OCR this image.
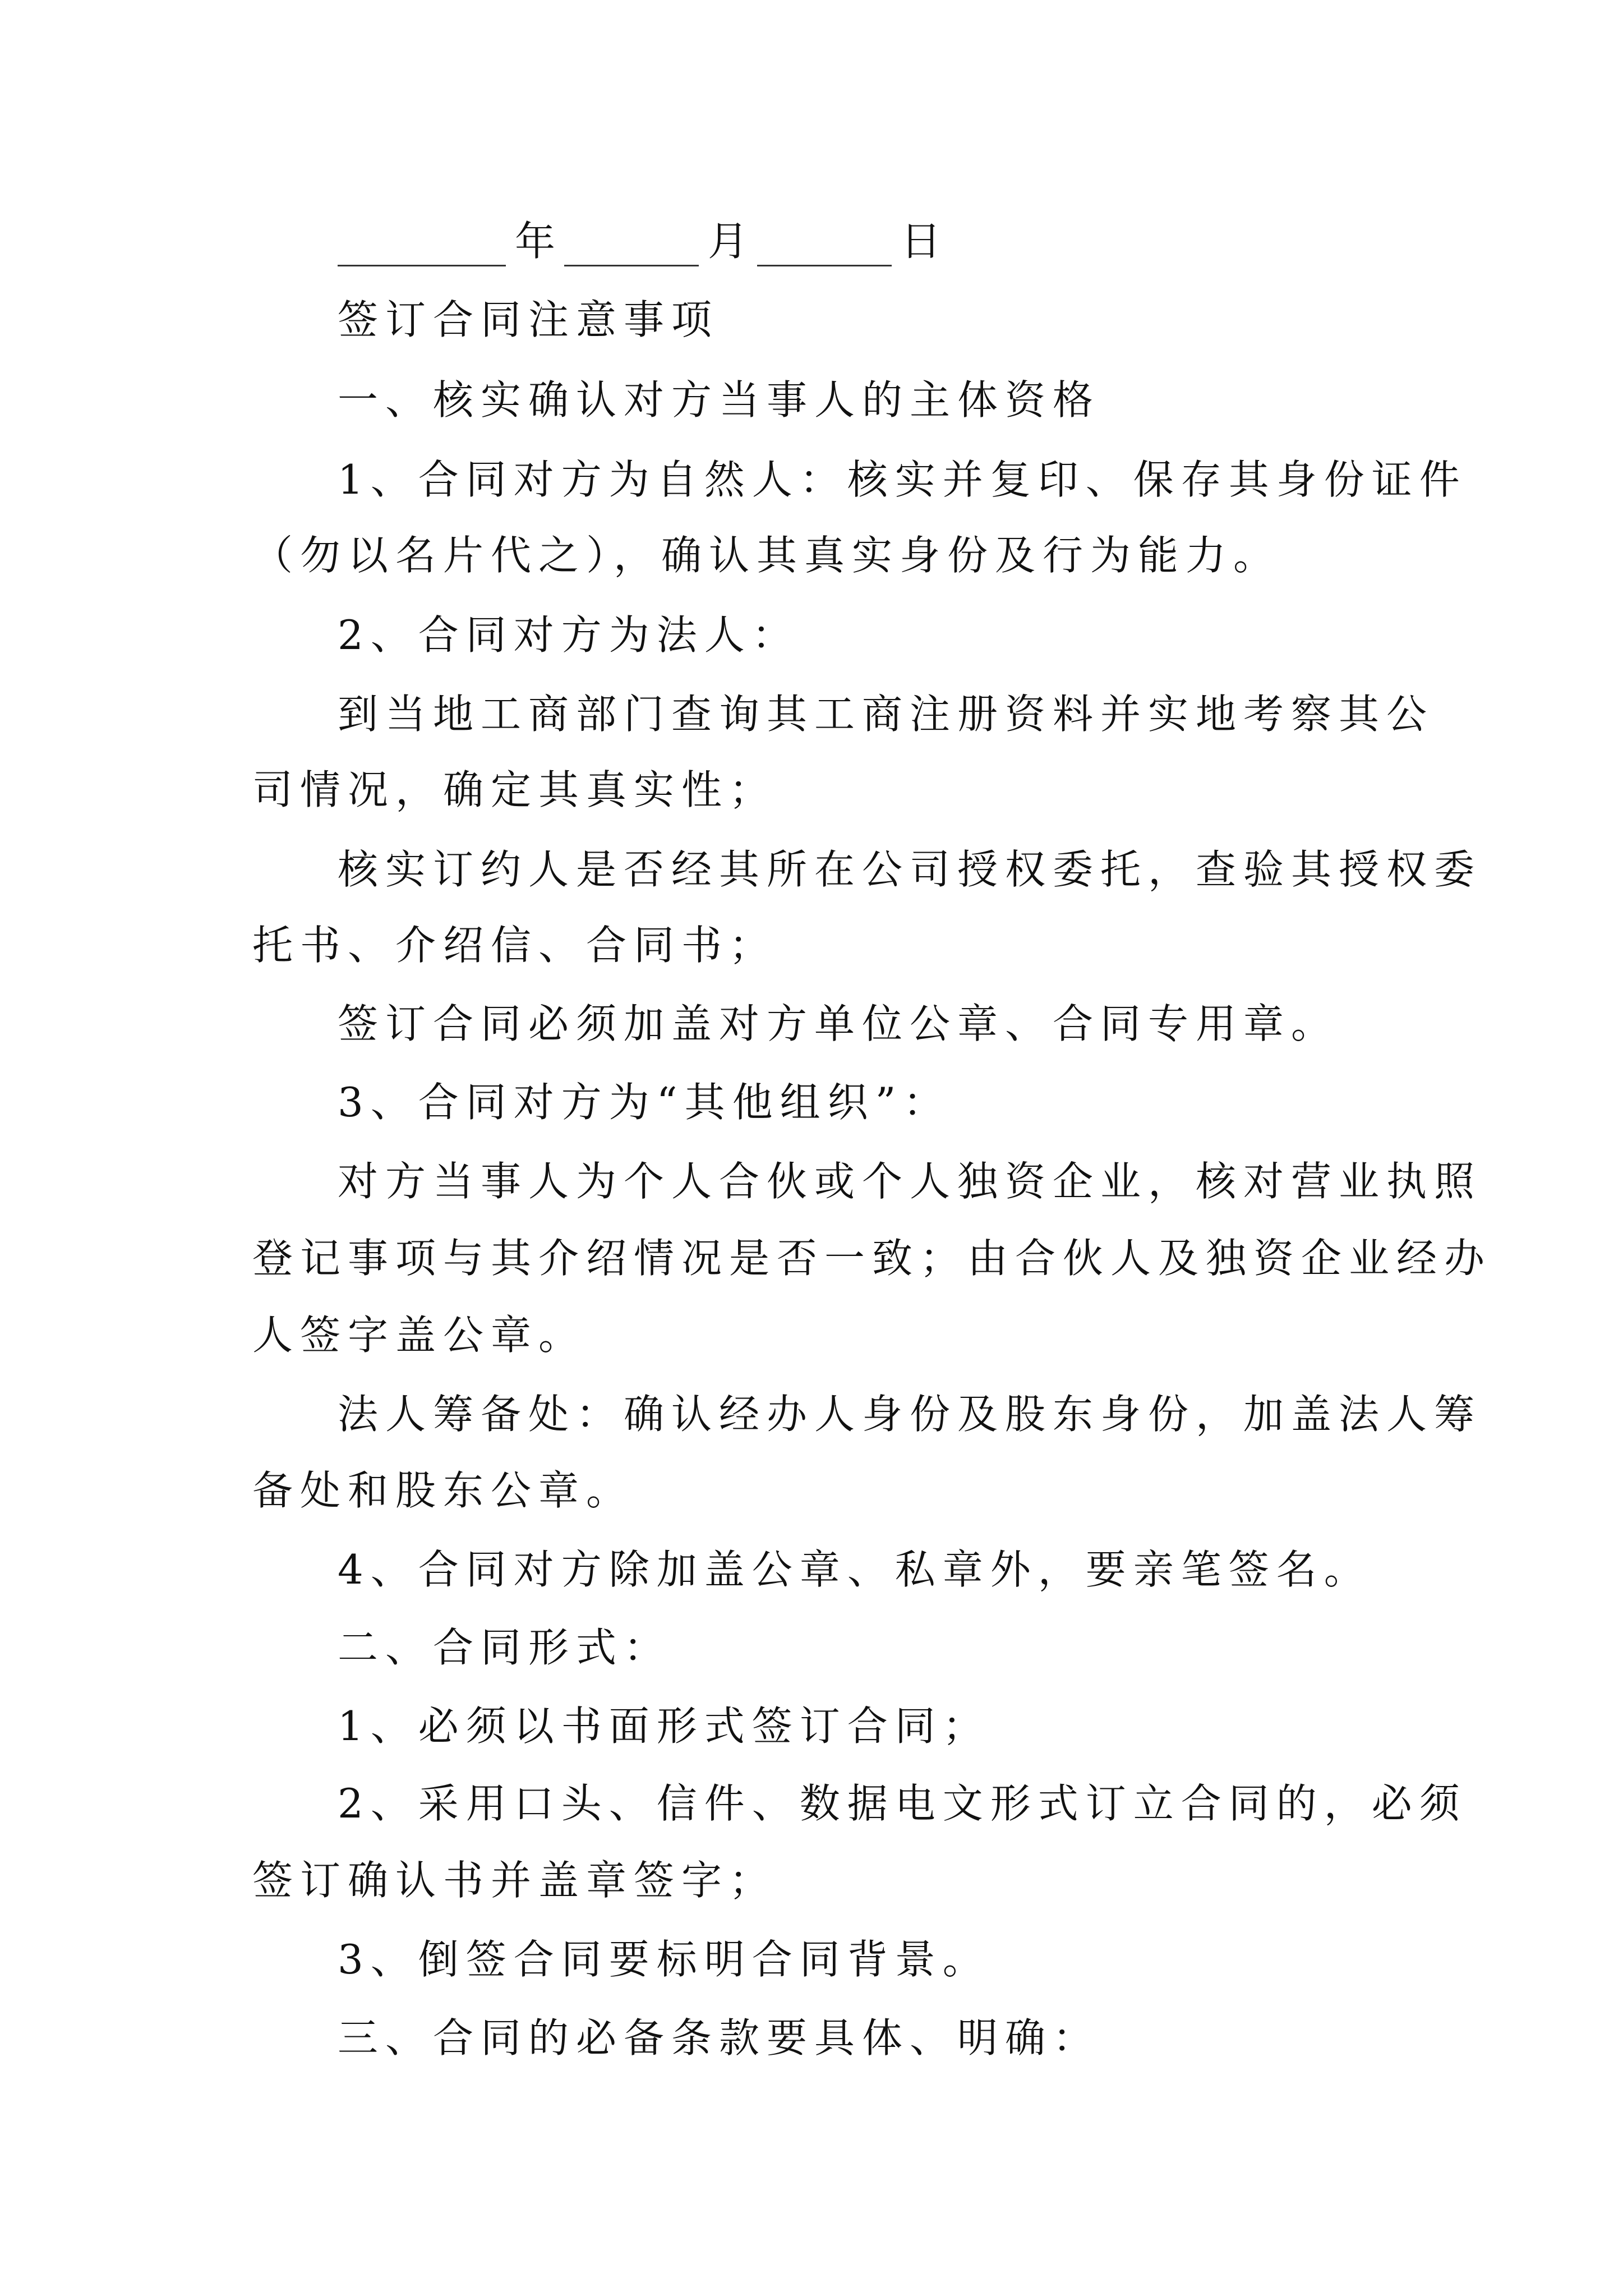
年	月	日
签订合同注意事项
一、核实确认对方当事人的主体资格
1、合同对方为自然人：核实并复印、保存其身份证件
（勿以名片代之），确认其真实身份及行为能力。
2、合同对方为法人：
到当地工商部门查询其工商注册资料并实地考察其公
司情况，确定其真实性；
核实订约人是否经其所在公司授权委托，查验其授权委
托书、介绍信、合同书；
签订合同必须加盖对方单位公章、合同专用章。
3、合同对方为“其他组织”：
对方当事人为个人合伙或个人独资企业，核对营业执照
登记事项与其介绍情况是否一致；由合伙人及独资企业经办
人签字盖公章。
法人筹备处：确认经办人身份及股东身份，加盖法人筹
备处和股东公章。
4、合同对方除加盖公章、私章外，要亲笔签名。
二、合同形式：
1、必须以书面形式签订合同；
2、采用口头、信件、数据电文形式订立合同的，必须
签订确认书并盖章签字；
3、倒签合同要标明合同背景。
三、合同的必备条款要具体、明确：
